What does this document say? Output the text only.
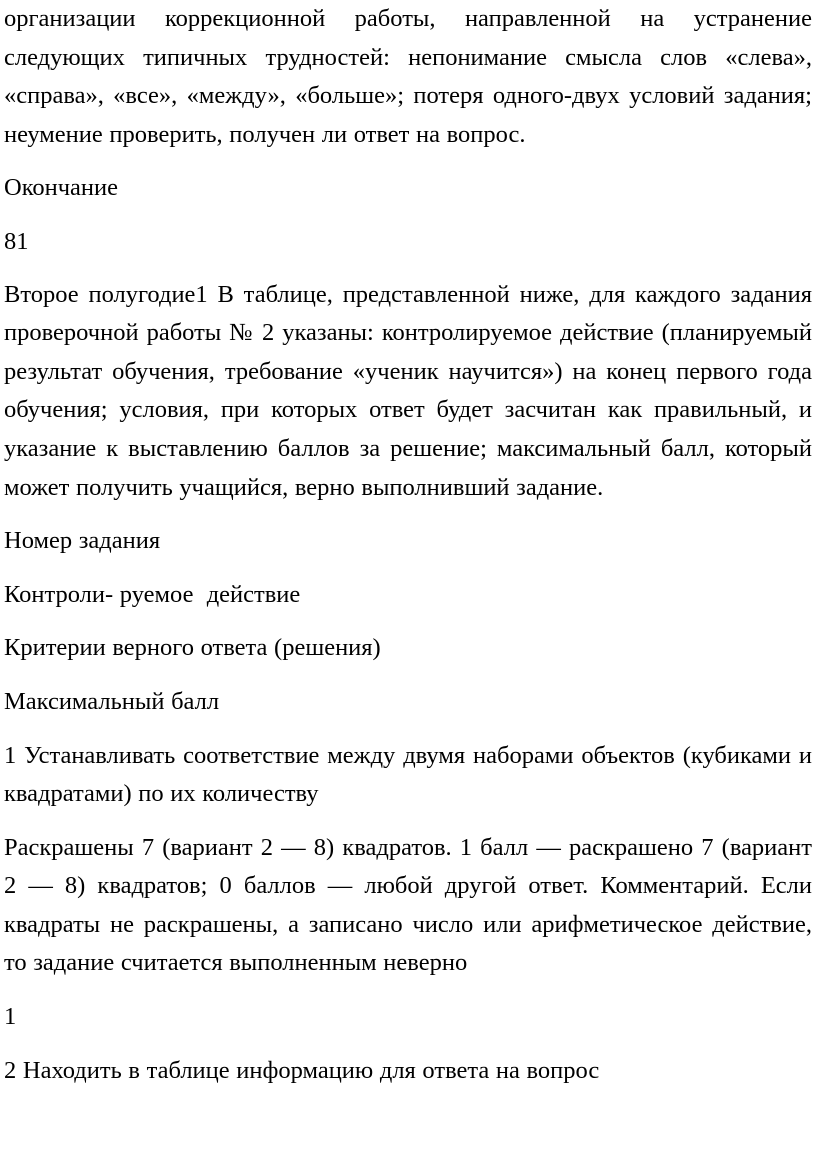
организации коррекционной работы, направленной на устранение следующих типичных трудностей: непонимание смысла слов «слева», «справа», «все», «между», «больше»; потеря одного-двух условий задания; неумение проверить, получен ли ответ на вопрос.

Окончание

81

Второе полугодие1 В таблице, представленной ниже, для каждого задания проверочной работы № 2 указаны: контролируемое действие (планируемый результат обучения, требование «ученик научится») на конец первого года обучения; условия, при которых ответ будет засчитан как правильный, и указание к выставлению баллов за решение; максимальный балл, который может получить учащийся, верно выполнивший задание.

Номер задания

Контроли- руемое  действие

Критерии верного ответа (решения)

Максимальный балл

1 Устанавливать соответствие между двумя наборами объектов (кубиками и квадратами) по их количеству

Раскрашены 7 (вариант 2 — 8) квадратов. 1 балл — раскрашено 7 (вариант 2 — 8) квадратов; 0 баллов — любой другой ответ. Комментарий. Если квадраты не раскрашены, а записано число или арифметическое действие, то задание считается выполненным неверно

1

2 Находить в таблице информацию для ответа на вопрос
